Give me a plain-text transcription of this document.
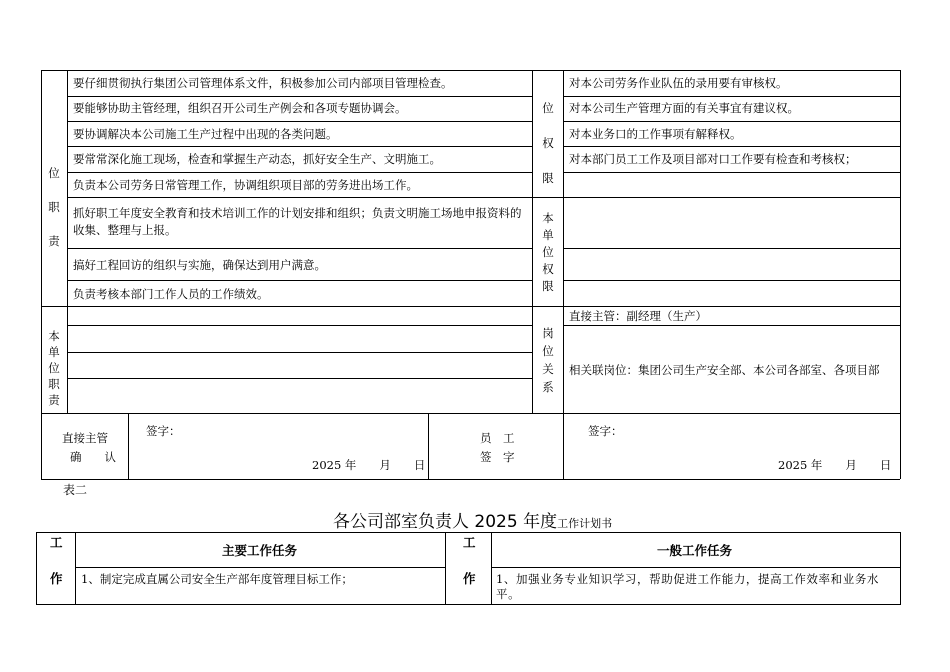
位
职
责
要仔细贯彻执行集团公司管理体系文件，积极参加公司内部项目管理检查。
要能够协助主管经理，组织召开公司生产例会和各项专题协调会。
要协调解决本公司施工生产过程中出现的各类问题。
要常常深化施工现场，检查和掌握生产动态，抓好安全生产、文明施工。
负责本公司劳务日常管理工作，协调组织项目部的劳务进出场工作。
抓好职工年度安全教育和技术培训工作的计划安排和组织；负责文明施工场地申报资料的收集、整理与上报。
搞好工程回访的组织与实施，确保达到用户满意。
负责考核本部门工作人员的工作绩效。
本
单
位
职
责
位
权
限
对本公司劳务作业队伍的录用要有审核权。
对本公司生产管理方面的有关事宜有建议权。
对本业务口的工作事项有解释权。
对本部门员工工作及项目部对口工作要有检查和考核权；
本
单
位
权
限
岗
位
关
系
直接主管：副经理（生产）
相关联岗位：集团公司生产安全部、本公司各部室、各项目部
直接主管
确　　认
签字：
2025 年　　月　　日
员　工
签　字
签字：
2025 年　　月　　日
表二
各公司部室负责人 2025 年度工作计划书
工
作
主要工作任务
工
作
一般工作任务
1、制定完成直属公司安全生产部年度管理目标工作；	1、加强业务专业知识学习，帮助促进工作能力，提高工作效率和业务水平。
